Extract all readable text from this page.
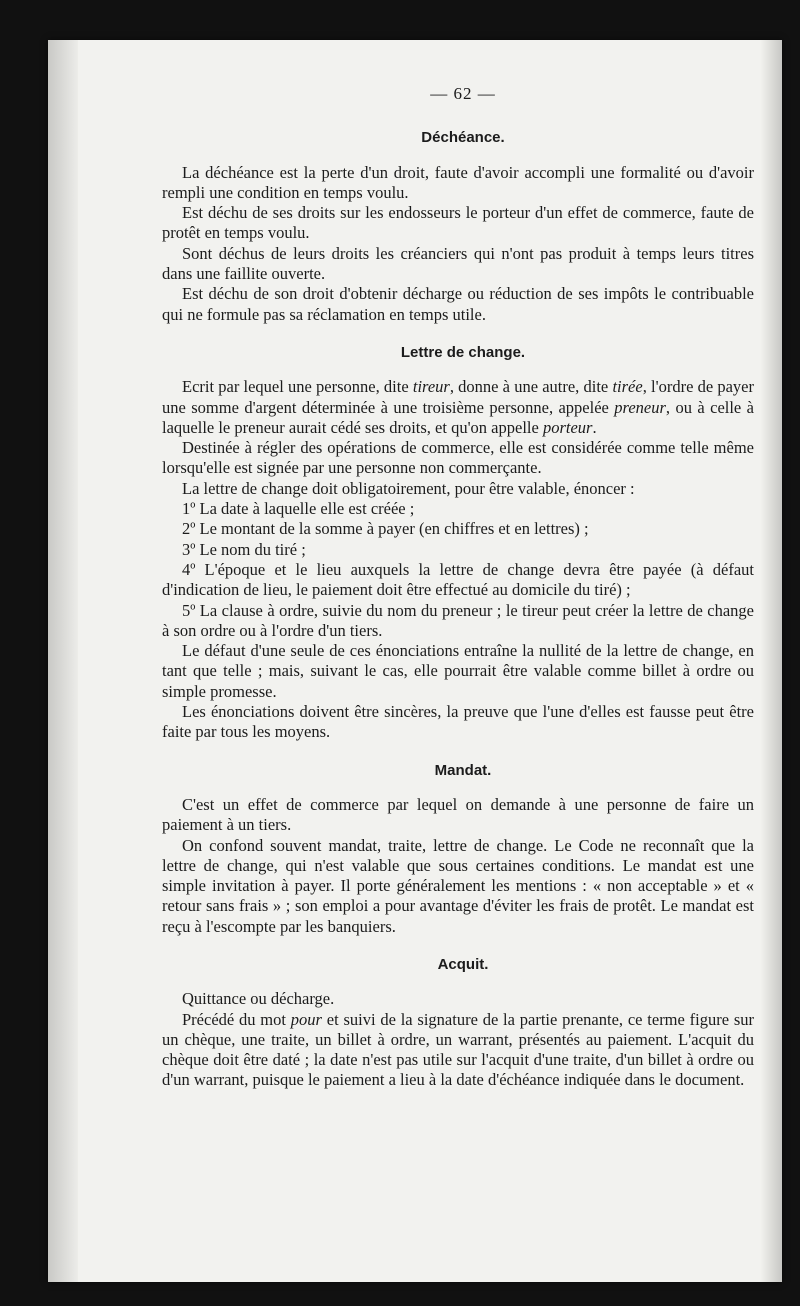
— 62 —
Déchéance.

La déchéance est la perte d'un droit, faute d'avoir accompli une formalité ou d'avoir rempli une condition en temps voulu.

Est déchu de ses droits sur les endosseurs le porteur d'un effet de commerce, faute de protêt en temps voulu.

Sont déchus de leurs droits les créanciers qui n'ont pas produit à temps leurs titres dans une faillite ouverte.

Est déchu de son droit d'obtenir décharge ou réduction de ses impôts le contribuable qui ne formule pas sa réclamation en temps utile.

Lettre de change.

Ecrit par lequel une personne, dite tireur, donne à une autre, dite tirée, l'ordre de payer une somme d'argent déterminée à une troisième personne, appelée preneur, ou à celle à laquelle le preneur aurait cédé ses droits, et qu'on appelle porteur.

Destinée à régler des opérations de commerce, elle est considérée comme telle même lorsqu'elle est signée par une personne non commerçante.

La lettre de change doit obligatoirement, pour être valable, énoncer :

1º La date à laquelle elle est créée ;

2º Le montant de la somme à payer (en chiffres et en lettres) ;

3º Le nom du tiré ;

4º L'époque et le lieu auxquels la lettre de change devra être payée (à défaut d'indication de lieu, le paiement doit être effectué au domicile du tiré) ;

5º La clause à ordre, suivie du nom du preneur ; le tireur peut créer la lettre de change à son ordre ou à l'ordre d'un tiers.

Le défaut d'une seule de ces énonciations entraîne la nullité de la lettre de change, en tant que telle ; mais, suivant le cas, elle pourrait être valable comme billet à ordre ou simple promesse.

Les énonciations doivent être sincères, la preuve que l'une d'elles est fausse peut être faite par tous les moyens.

Mandat.

C'est un effet de commerce par lequel on demande à une personne de faire un paiement à un tiers.

On confond souvent mandat, traite, lettre de change. Le Code ne reconnaît que la lettre de change, qui n'est valable que sous certaines conditions. Le mandat est une simple invitation à payer. Il porte généralement les mentions : « non acceptable » et « retour sans frais » ; son emploi a pour avantage d'éviter les frais de protêt. Le mandat est reçu à l'escompte par les banquiers.

Acquit.

Quittance ou décharge.

Précédé du mot pour et suivi de la signature de la partie prenante, ce terme figure sur un chèque, une traite, un billet à ordre, un warrant, présentés au paiement. L'acquit du chèque doit être daté ; la date n'est pas utile sur l'acquit d'une traite, d'un billet à ordre ou d'un warrant, puisque le paiement a lieu à la date d'échéance indiquée dans le document.
